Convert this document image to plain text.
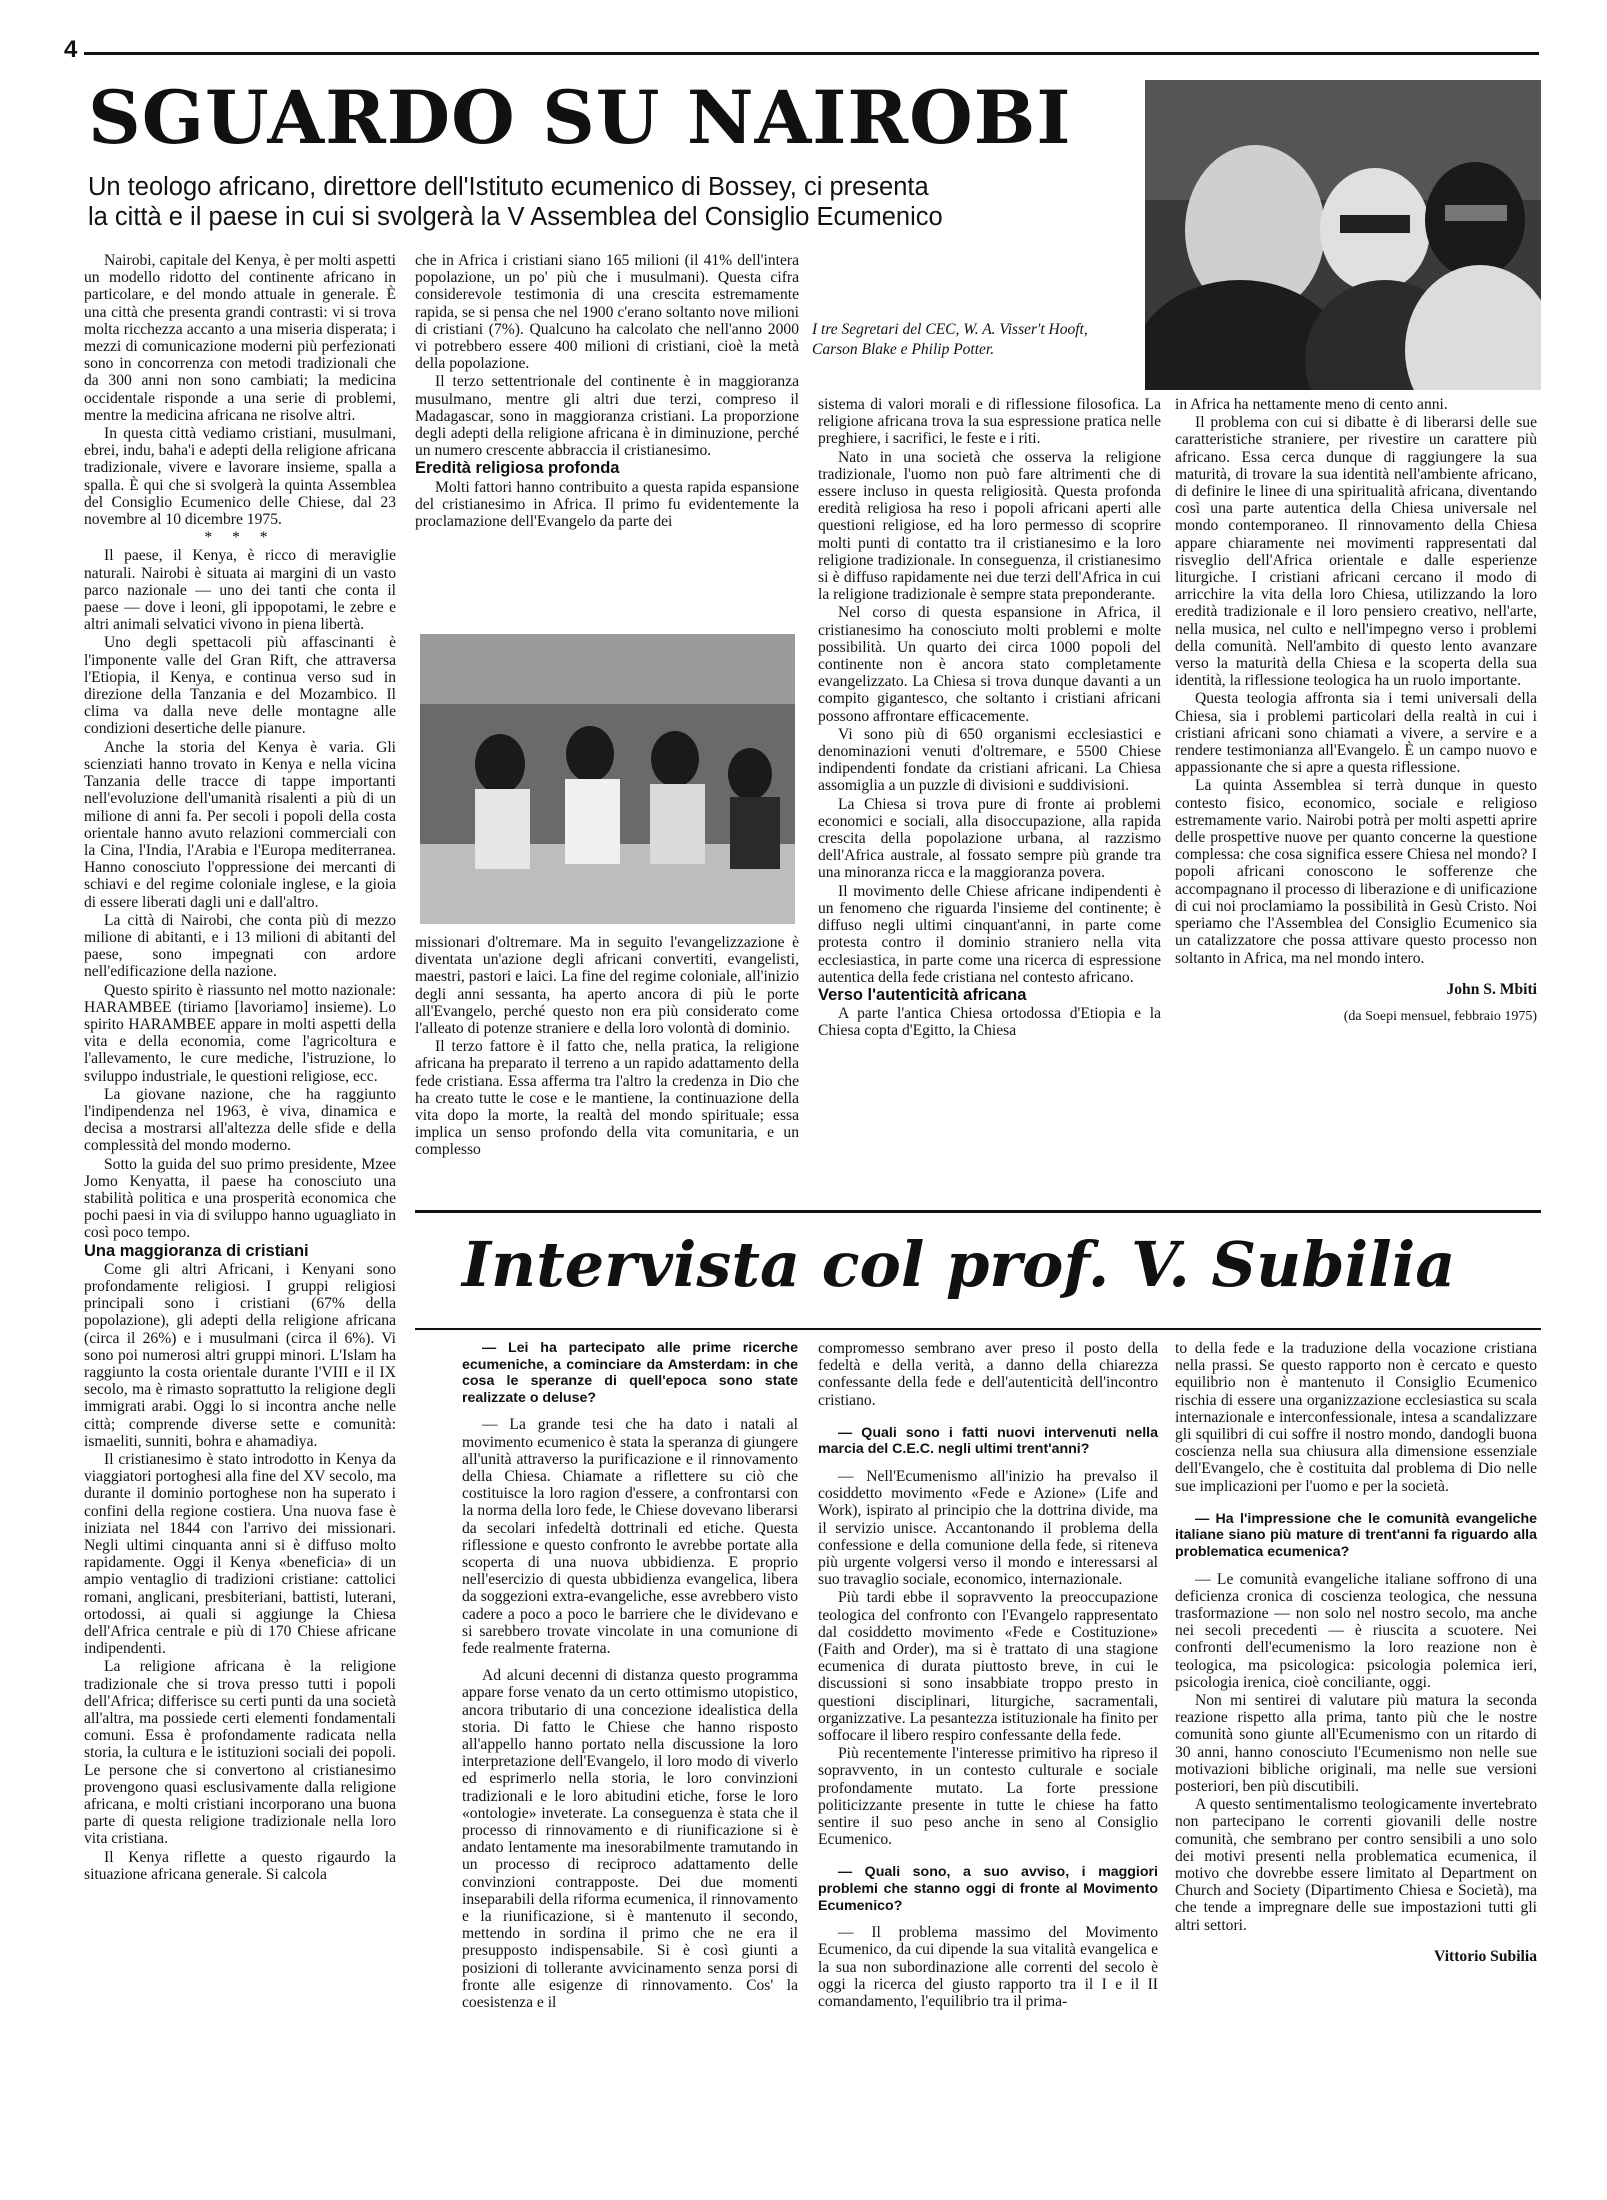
4
SGUARDO SU NAIROBI
Un teologo africano, direttore dell'Istituto ecumenico di Bossey, ci presenta
la città e il paese in cui si svolgerà la V Assemblea del Consiglio Ecumenico
I tre Segretari del CEC, W. A. Visser't Hooft, Carson Blake e Philip Potter.

Nairobi, capitale del Kenya, è per molti aspetti un modello ridotto del continente africano in particolare, e del mondo attuale in generale. È una città che presenta grandi contrasti: vi si trova molta ricchezza accanto a una miseria disperata; i mezzi di comunicazione moderni più perfezionati sono in concorrenza con metodi tradizionali che da 300 anni non sono cambiati; la medicina occidentale risponde a una serie di problemi, mentre la medicina africana ne risolve altri.

In questa città vediamo cristiani, musulmani, ebrei, indu, baha'i e adepti della religione africana tradizionale, vivere e lavorare insieme, spalla a spalla. È qui che si svolgerà la quinta Assemblea del Consiglio Ecumenico delle Chiese, dal 23 novembre al 10 dicembre 1975.

* * *

Il paese, il Kenya, è ricco di meraviglie naturali. Nairobi è situata ai margini di un vasto parco nazionale — uno dei tanti che conta il paese — dove i leoni, gli ippopotami, le zebre e altri animali selvatici vivono in piena libertà.

Uno degli spettacoli più affascinanti è l'imponente valle del Gran Rift, che attraversa l'Etiopia, il Kenya, e continua verso sud in direzione della Tanzania e del Mozambico. Il clima va dalla neve delle montagne alle condizioni desertiche delle pianure.

Anche la storia del Kenya è varia. Gli scienziati hanno trovato in Kenya e nella vicina Tanzania delle tracce di tappe importanti nell'evoluzione dell'umanità risalenti a più di un milione di anni fa. Per secoli i popoli della costa orientale hanno avuto relazioni commerciali con la Cina, l'India, l'Arabia e l'Europa mediterranea. Hanno conosciuto l'oppressione dei mercanti di schiavi e del regime coloniale inglese, e la gioia di essere liberati dagli uni e dall'altro.

La città di Nairobi, che conta più di mezzo milione di abitanti, e i 13 milioni di abitanti del paese, sono impegnati con ardore nell'edificazione della nazione.

Questo spirito è riassunto nel motto nazionale: HARAMBEE (tiriamo [lavoriamo] insieme). Lo spirito HARAMBEE appare in molti aspetti della vita e della economia, come l'agricoltura e l'allevamento, le cure mediche, l'istruzione, lo sviluppo industriale, le questioni religiose, ecc.

La giovane nazione, che ha raggiunto l'indipendenza nel 1963, è viva, dinamica e decisa a mostrarsi all'altezza delle sfide e della complessità del mondo moderno.

Sotto la guida del suo primo presidente, Mzee Jomo Kenyatta, il paese ha conosciuto una stabilità politica e una prosperità economica che pochi paesi in via di sviluppo hanno uguagliato in così poco tempo.

Una maggioranza di cristiani

Come gli altri Africani, i Kenyani sono profondamente religiosi. I gruppi religiosi principali sono i cristiani (67% della popolazione), gli adepti della religione africana (circa il 26%) e i musulmani (circa il 6%). Vi sono poi numerosi altri gruppi minori. L'Islam ha raggiunto la costa orientale durante l'VIII e il IX secolo, ma è rimasto soprattutto la religione degli immigrati arabi. Oggi lo si incontra anche nelle città; comprende diverse sette e comunità: ismaeliti, sunniti, bohra e ahamadiya.

Il cristianesimo è stato introdotto in Kenya da viaggiatori portoghesi alla fine del XV secolo, ma durante il dominio portoghese non ha superato i confini della regione costiera. Una nuova fase è iniziata nel 1844 con l'arrivo dei missionari. Negli ultimi cinquanta anni si è diffuso molto rapidamente. Oggi il Kenya «beneficia» di un ampio ventaglio di tradizioni cristiane: cattolici romani, anglicani, presbiteriani, battisti, luterani, ortodossi, ai quali si aggiunge la Chiesa dell'Africa centrale e più di 170 Chiese africane indipendenti.

La religione africana è la religione tradizionale che si trova presso tutti i popoli dell'Africa; differisce su certi punti da una società all'altra, ma possiede certi elementi fondamentali comuni. Essa è profondamente radicata nella storia, la cultura e le istituzioni sociali dei popoli. Le persone che si convertono al cristianesimo provengono quasi esclusivamente dalla religione africana, e molti cristiani incorporano una buona parte di questa religione tradizionale nella loro vita cristiana.

Il Kenya riflette a questo rigaurdo la situazione africana generale. Si calcola

che in Africa i cristiani siano 165 milioni (il 41% dell'intera popolazione, un po' più che i musulmani). Questa cifra considerevole testimonia di una crescita estremamente rapida, se si pensa che nel 1900 c'erano soltanto nove milioni di cristiani (7%). Qualcuno ha calcolato che nell'anno 2000 vi potrebbero essere 400 milioni di cristiani, cioè la metà della popolazione.

Il terzo settentrionale del continente è in maggioranza musulmano, mentre gli altri due terzi, compreso il Madagascar, sono in maggioranza cristiani. La proporzione degli adepti della religione africana è in diminuzione, perché un numero crescente abbraccia il cristianesimo.

Eredità religiosa profonda

Molti fattori hanno contribuito a questa rapida espansione del cristianesimo in Africa. Il primo fu evidentemente la proclamazione dell'Evangelo da parte dei

missionari d'oltremare. Ma in seguito l'evangelizzazione è diventata un'azione degli africani convertiti, evangelisti, maestri, pastori e laici. La fine del regime coloniale, all'inizio degli anni sessanta, ha aperto ancora di più le porte all'Evangelo, perché questo non era più considerato come l'alleato di potenze straniere e della loro volontà di dominio.

Il terzo fattore è il fatto che, nella pratica, la religione africana ha preparato il terreno a un rapido adattamento della fede cristiana. Essa afferma tra l'altro la credenza in Dio che ha creato tutte le cose e le mantiene, la continuazione della vita dopo la morte, la realtà del mondo spirituale; essa implica un senso profondo della vita comunitaria, e un complesso

sistema di valori morali e di riflessione filosofica. La religione africana trova la sua espressione pratica nelle preghiere, i sacrifici, le feste e i riti.

Nato in una società che osserva la religione tradizionale, l'uomo non può fare altrimenti che di essere incluso in questa religiosità. Questa profonda eredità religiosa ha reso i popoli africani aperti alle questioni religiose, ed ha loro permesso di scoprire molti punti di contatto tra il cristianesimo e la loro religione tradizionale. In conseguenza, il cristianesimo si è diffuso rapidamente nei due terzi dell'Africa in cui la religione tradizionale è sempre stata preponderante.

Nel corso di questa espansione in Africa, il cristianesimo ha conosciuto molti problemi e molte possibilità. Un quarto dei circa 1000 popoli del continente non è ancora stato completamente evangelizzato. La Chiesa si trova dunque davanti a un compito gigantesco, che soltanto i cristiani africani possono affrontare efficacemente.

Vi sono più di 650 organismi ecclesiastici e denominazioni venuti d'oltremare, e 5500 Chiese indipendenti fondate da cristiani africani. La Chiesa assomiglia a un puzzle di divisioni e suddivisioni.

La Chiesa si trova pure di fronte ai problemi economici e sociali, alla disoccupazione, alla rapida crescita della popolazione urbana, al razzismo dell'Africa australe, al fossato sempre più grande tra una minoranza ricca e la maggioranza povera.

Il movimento delle Chiese africane indipendenti è un fenomeno che riguarda l'insieme del continente; è diffuso negli ultimi cinquant'anni, in parte come protesta contro il dominio straniero nella vita ecclesiastica, in parte come una ricerca di espressione autentica della fede cristiana nel contesto africano.

Verso l'autenticità africana

A parte l'antica Chiesa ortodossa d'Etiopia e la Chiesa copta d'Egitto, la Chiesa

in Africa ha nettamente meno di cento anni.

Il problema con cui si dibatte è di liberarsi delle sue caratteristiche straniere, per rivestire un carattere più africano. Essa cerca dunque di raggiungere la sua maturità, di trovare la sua identità nell'ambiente africano, di definire le linee di una spiritualità africana, diventando così una parte autentica della Chiesa universale nel mondo contemporaneo. Il rinnovamento della Chiesa appare chiaramente nei movimenti rappresentati dal risveglio dell'Africa orientale e dalle esperienze liturgiche. I cristiani africani cercano il modo di arricchire la vita della loro Chiesa, utilizzando la loro eredità tradizionale e il loro pensiero creativo, nell'arte, nella musica, nel culto e nell'impegno verso i problemi della comunità. Nell'ambito di questo lento avanzare verso la maturità della Chiesa e la scoperta della sua identità, la riflessione teologica ha un ruolo importante.

Questa teologia affronta sia i temi universali della Chiesa, sia i problemi particolari della realtà in cui i cristiani africani sono chiamati a vivere, a servire e a rendere testimonianza all'Evangelo. È un campo nuovo e appassionante che si apre a questa riflessione.

La quinta Assemblea si terrà dunque in questo contesto fisico, economico, sociale e religioso estremamente vario. Nairobi potrà per molti aspetti aprire delle prospettive nuove per quanto concerne la questione complessa: che cosa significa essere Chiesa nel mondo? I popoli africani conoscono le sofferenze che accompagnano il processo di liberazione e di unificazione di cui noi proclamiamo la possibilità in Gesù Cristo. Noi speriamo che l'Assemblea del Consiglio Ecumenico sia un catalizzatore che possa attivare questo processo non soltanto in Africa, ma nel mondo intero.

John S. Mbiti

(da Soepi mensuel, febbraio 1975)

Intervista col prof. V. Subilia

— Lei ha partecipato alle prime ricerche ecumeniche, a cominciare da Amsterdam: in che cosa le speranze di quell'epoca sono state realizzate o deluse?

— La grande tesi che ha dato i natali al movimento ecumenico è stata la speranza di giungere all'unità attraverso la purificazione e il rinnovamento della Chiesa. Chiamate a riflettere su ciò che costituisce la loro ragion d'essere, a confrontarsi con la norma della loro fede, le Chiese dovevano liberarsi da secolari infedeltà dottrinali ed etiche. Questa riflessione e questo confronto le avrebbe portate alla scoperta di una nuova ubbidienza. E proprio nell'esercizio di questa ubbidienza evangelica, libera da soggezioni extra-evangeliche, esse avrebbero visto cadere a poco a poco le barriere che le dividevano e si sarebbero trovate vincolate in una comunione di fede realmente fraterna.

Ad alcuni decenni di distanza questo programma appare forse venato da un certo ottimismo utopistico, ancora tributario di una concezione idealistica della storia. Di fatto le Chiese che hanno risposto all'appello hanno portato nella discussione la loro interpretazione dell'Evangelo, il loro modo di viverlo ed esprimerlo nella storia, le loro convinzioni tradizionali e le loro abitudini etiche, forse le loro «ontologie» inveterate. La conseguenza è stata che il processo di rinnovamento e di riunificazione si è andato lentamente ma inesorabilmente tramutando in un processo di reciproco adattamento delle convinzioni contrapposte. Dei due momenti inseparabili della riforma ecumenica, il rinnovamento e la riunificazione, si è mantenuto il secondo, mettendo in sordina il primo che ne era il presupposto indispensabile. Si è così giunti a posizioni di tollerante avvicinamento senza porsi di fronte alle esigenze di rinnovamento. Cos' la coesistenza e il

compromesso sembrano aver preso il posto della fedeltà e della verità, a danno della chiarezza confessante della fede e dell'autenticità dell'incontro cristiano.

— Quali sono i fatti nuovi intervenuti nella marcia del C.E.C. negli ultimi trent'anni?

— Nell'Ecumenismo all'inizio ha prevalso il cosiddetto movimento «Fede e Azione» (Life and Work), ispirato al principio che la dottrina divide, ma il servizio unisce. Accantonando il problema della confessione e della comunione della fede, si riteneva più urgente volgersi verso il mondo e interessarsi al suo travaglio sociale, economico, internazionale.

Più tardi ebbe il sopravvento la preoccupazione teologica del confronto con l'Evangelo rappresentato dal cosiddetto movimento «Fede e Costituzione» (Faith and Order), ma si è trattato di una stagione ecumenica di durata piuttosto breve, in cui le discussioni si sono insabbiate troppo presto in questioni disciplinari, liturgiche, sacramentali, organizzative. La pesantezza istituzionale ha finito per soffocare il libero respiro confessante della fede.

Più recentemente l'interesse primitivo ha ripreso il sopravvento, in un contesto culturale e sociale profondamente mutato. La forte pressione politicizzante presente in tutte le chiese ha fatto sentire il suo peso anche in seno al Consiglio Ecumenico.

— Quali sono, a suo avviso, i maggiori problemi che stanno oggi di fronte al Movimento Ecumenico?

— Il problema massimo del Movimento Ecumenico, da cui dipende la sua vitalità evangelica e la sua non subordinazione alle correnti del secolo è oggi la ricerca del giusto rapporto tra il I e il II comandamento, l'equilibrio tra il prima-

to della fede e la traduzione della vocazione cristiana nella prassi. Se questo rapporto non è cercato e questo equilibrio non è mantenuto il Consiglio Ecumenico rischia di essere una organizzazione ecclesiastica su scala internazionale e interconfessionale, intesa a scandalizzare gli squilibri di cui soffre il nostro mondo, dandogli buona coscienza nella sua chiusura alla dimensione essenziale dell'Evangelo, che è costituita dal problema di Dio nelle sue implicazioni per l'uomo e per la società.

— Ha l'impressione che le comunità evangeliche italiane siano più mature di trent'anni fa riguardo alla problematica ecumenica?

— Le comunità evangeliche italiane soffrono di una deficienza cronica di coscienza teologica, che nessuna trasformazione — non solo nel nostro secolo, ma anche nei secoli precedenti — è riuscita a scuotere. Nei confronti dell'ecumenismo la loro reazione non è teologica, ma psicologica: psicologia polemica ieri, psicologia irenica, cioè conciliante, oggi.

Non mi sentirei di valutare più matura la seconda reazione rispetto alla prima, tanto più che le nostre comunità sono giunte all'Ecumenismo con un ritardo di 30 anni, hanno conosciuto l'Ecumenismo non nelle sue motivazioni bibliche originali, ma nelle sue versioni posteriori, ben più discutibili.

A questo sentimentalismo teologicamente invertebrato non partecipano le correnti giovanili delle nostre comunità, che sembrano per contro sensibili a uno solo dei motivi presenti nella problematica ecumenica, il motivo che dovrebbe essere limitato al Department on Church and Society (Dipartimento Chiesa e Società), ma che tende a impregnare delle sue impostazioni tutti gli altri settori.

Vittorio Subilia
